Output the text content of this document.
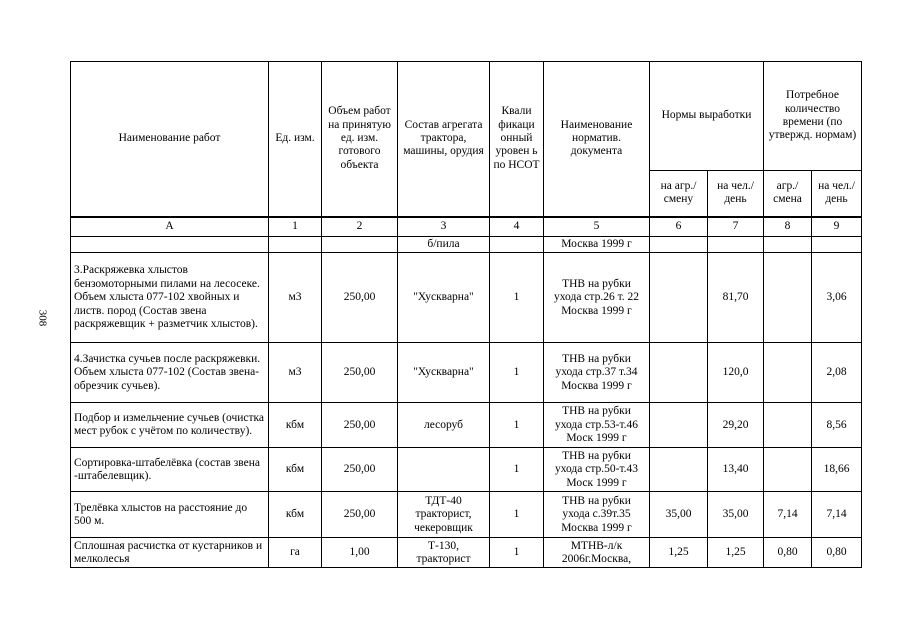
308
Наименование работ	Ед. изм.	Объем работ на принятую ед. изм. готового объекта	Состав агрегата трактора, машины, орудия	Квали фикаци онный уровен ь по НСОТ	Наименование норматив. документа	Нормы выработки		Потребное количество времени (по утвержд. нормам)	
						на агр./ смену	на чел./ день	агр./ смена	на чел./ день
А	1	2	3	4	5	6	7	8	9
			б/пила		Москва 1999 г				
3.Раскряжевка хлыстов бензомоторными пилами на лесосеке. Объем хлыста 077-102 хвойных и листв. пород (Состав звена раскряжевщик + разметчик хлыстов).	м3	250,00	"Хускварна"	1	ТНВ на рубки ухода стр.26 т. 22 Москва 1999 г		81,70		3,06
4.Зачистка сучьев после раскряжевки. Объем хлыста 077-102 (Состав звена-обрезчик сучьев).	м3	250,00	"Хускварна"	1	ТНВ на рубки ухода стр.37 т.34 Москва 1999 г		120,0		2,08
Подбор и измельчение сучьев (очистка мест рубок с учётом по количеству).	кбм	250,00	лесоруб	1	ТНВ на рубки ухода стр.53-т.46 Моск 1999 г		29,20		8,56
Сортировка-штабелёвка (состав звена -штабелевщик).	кбм	250,00		1	ТНВ на рубки ухода стр.50-т.43 Моск 1999 г		13,40		18,66
Трелёвка хлыстов на расстояние до 500 м.	кбм	250,00	ТДТ-40 тракторист, чекеровщик	1	ТНВ на рубки ухода с.39т.35 Москва 1999 г	35,00	35,00	7,14	7,14
Сплошная расчистка от кустарников и мелколесья	га	1,00	Т-130, тракторист	1	МТНВ-л/к 2006г.Москва,	1,25	1,25	0,80	0,80
